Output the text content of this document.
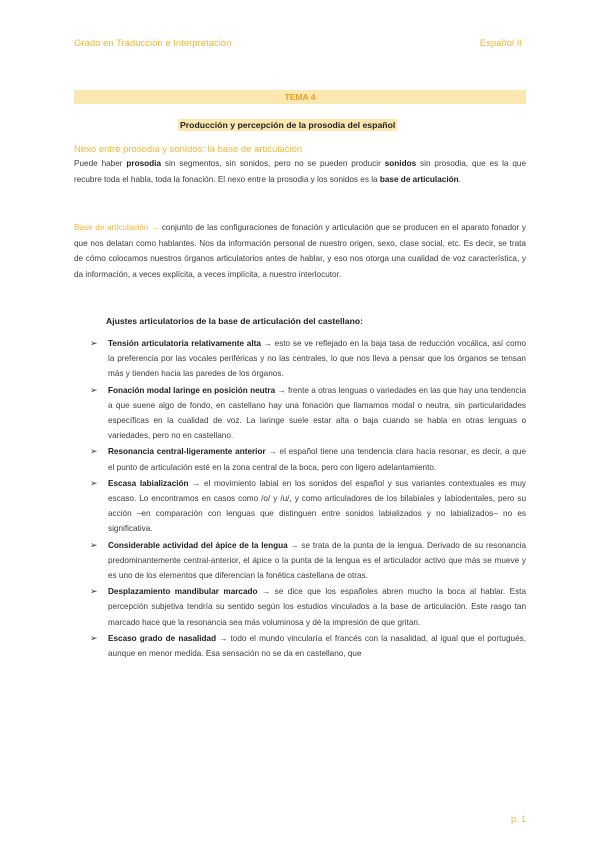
Grado en Traducción e Interpretación	Español II
TEMA 4
Producción y percepción de la prosodia del español
Nexo entre prosodia y sonidos: la base de articulación

Puede haber prosodia sin segmentos, sin sonidos, pero no se pueden producir sonidos sin prosodia, que es la que recubre toda el habla, toda la fonación. El nexo entre la prosodia y los sonidos es la base de articulación.

Base de articulación → conjunto de las configuraciones de fonación y articulación que se producen en el aparato fonador y que nos delatan como hablantes. Nos da información personal de nuestro origen, sexo, clase social, etc. Es decir, se trata de cómo colocamos nuestros órganos articulatorios antes de hablar, y eso nos otorga una cualidad de voz característica, y da información, a veces explícita, a veces implícita, a nuestro interlocutor.

Ajustes articulatorios de la base de articulación del castellano:
➢ Tensión articulatoria relativamente alta → esto se ve reflejado en la baja tasa de reducción vocálica, así como la preferencia por las vocales periféricas y no las centrales, lo que nos lleva a pensar que los órganos se tensan más y tienden hacia las paredes de los órganos.
➢ Fonación modal laringe en posición neutra → frente a otras lenguas o variedades en las que hay una tendencia a que suene algo de fondo, en castellano hay una fonación que llamamos modal o neutra, sin particularidades específicas en la cualidad de voz. La laringe suele estar alta o baja cuando se habla en otras lenguas o variedades, pero no en castellano.
➢ Resonancia central-ligeramente anterior → el español tiene una tendencia clara hacia resonar, es decir, a que el punto de articulación esté en la zona central de la boca, pero con ligero adelantamiento.
➢ Escasa labialización → el movimiento labial en los sonidos del español y sus variantes contextuales es muy escaso. Lo encontramos en casos como /o/ y /u/, y como articuladores de los bilabiales y labiodentales, pero su acción –en comparación con lenguas que distinguen entre sonidos labializados y no labializados– no es significativa.
➢ Considerable actividad del ápice de la lengua → se trata de la punta de la lengua. Derivado de su resonancia predominantemente central-anterior, el ápice o la punta de la lengua es el articulador activo que más se mueve y es uno de los elementos que diferencian la fonética castellana de otras.
➢ Desplazamiento mandibular marcado → se dice que los españoles abren mucho la boca al hablar. Esta percepción subjetiva tendría su sentido según los estudios vinculados a la base de articulación. Este rasgo tan marcado hace que la resonancia sea más voluminosa y dé la impresión de que gritan.
➢ Escaso grado de nasalidad → todo el mundo vincularía el francés con la nasalidad, al igual que el portugués, aunque en menor medida. Esa sensación no se da en castellano, que
p. 1
